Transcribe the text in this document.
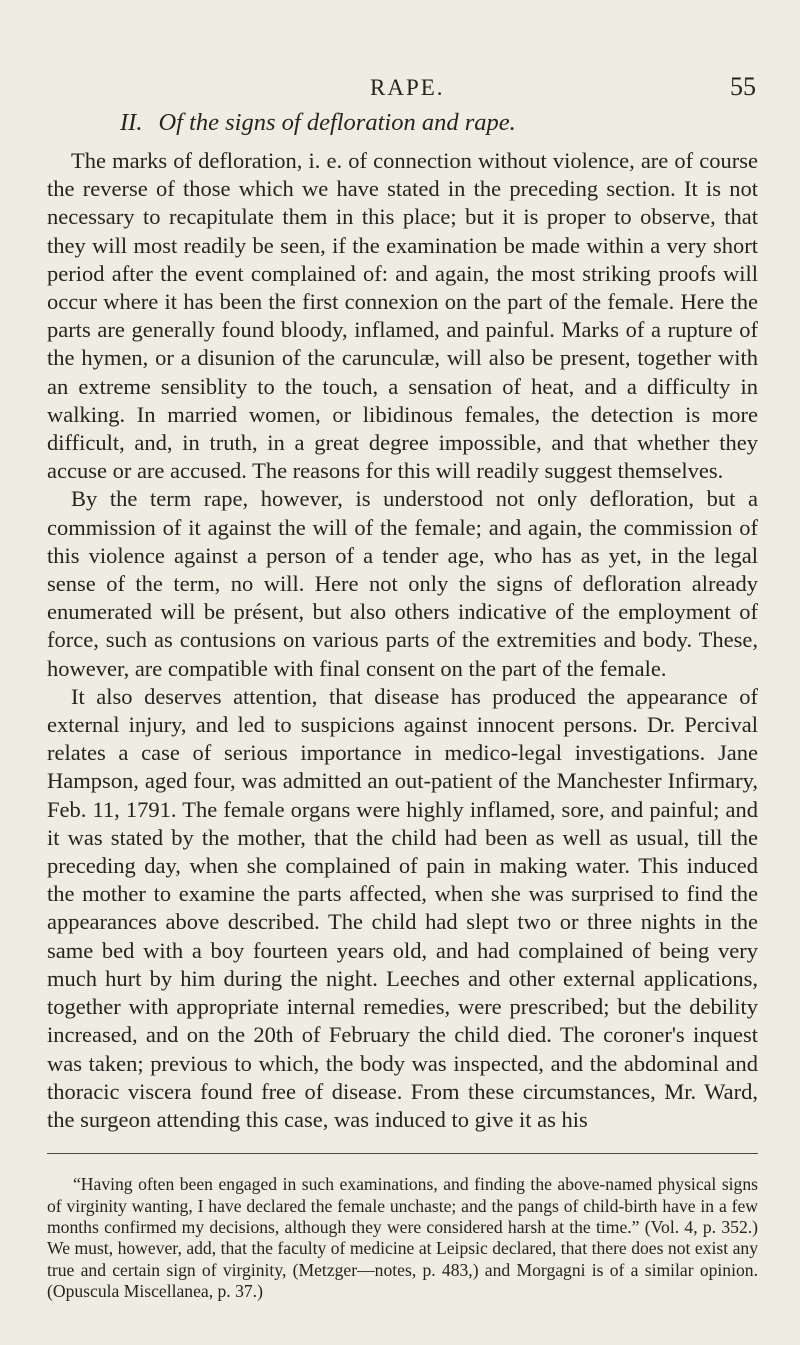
RAPE.	55
II. Of the signs of defloration and rape.

The marks of defloration, i. e. of connection without violence, are of course the reverse of those which we have stated in the preceding section. It is not necessary to recapitulate them in this place; but it is proper to observe, that they will most readily be seen, if the examination be made within a very short period after the event complained of: and again, the most striking proofs will occur where it has been the first connexion on the part of the female. Here the parts are generally found bloody, inflamed, and painful. Marks of a rupture of the hymen, or a disunion of the carunculæ, will also be present, together with an extreme sensiblity to the touch, a sensation of heat, and a difficulty in walking. In married women, or libidinous females, the detection is more difficult, and, in truth, in a great degree impossible, and that whether they accuse or are accused. The reasons for this will readily suggest themselves.

By the term rape, however, is understood not only defloration, but a commission of it against the will of the female; and again, the commission of this violence against a person of a tender age, who has as yet, in the legal sense of the term, no will. Here not only the signs of defloration already enumerated will be présent, but also others indicative of the employment of force, such as contusions on various parts of the extremities and body. These, however, are compatible with final consent on the part of the female.

It also deserves attention, that disease has produced the appearance of external injury, and led to suspicions against innocent persons. Dr. Percival relates a case of serious importance in medico-legal investigations. Jane Hampson, aged four, was admitted an out-patient of the Manchester Infirmary, Feb. 11, 1791. The female organs were highly inflamed, sore, and painful; and it was stated by the mother, that the child had been as well as usual, till the preceding day, when she complained of pain in making water. This induced the mother to examine the parts affected, when she was surprised to find the appearances above described. The child had slept two or three nights in the same bed with a boy fourteen years old, and had complained of being very much hurt by him during the night. Leeches and other external applications, together with appropriate internal remedies, were prescribed; but the debility increased, and on the 20th of February the child died. The coroner's inquest was taken; previous to which, the body was inspected, and the abdominal and thoracic viscera found free of disease. From these circumstances, Mr. Ward, the surgeon attending this case, was induced to give it as his

“Having often been engaged in such examinations, and finding the above-named physical signs of virginity wanting, I have declared the female unchaste; and the pangs of child-birth have in a few months confirmed my decisions, although they were considered harsh at the time.” (Vol. 4, p. 352.) We must, however, add, that the faculty of medicine at Leipsic declared, that there does not exist any true and certain sign of virginity, (Metzger—notes, p. 483,) and Morgagni is of a similar opinion. (Opuscula Miscellanea, p. 37.)
